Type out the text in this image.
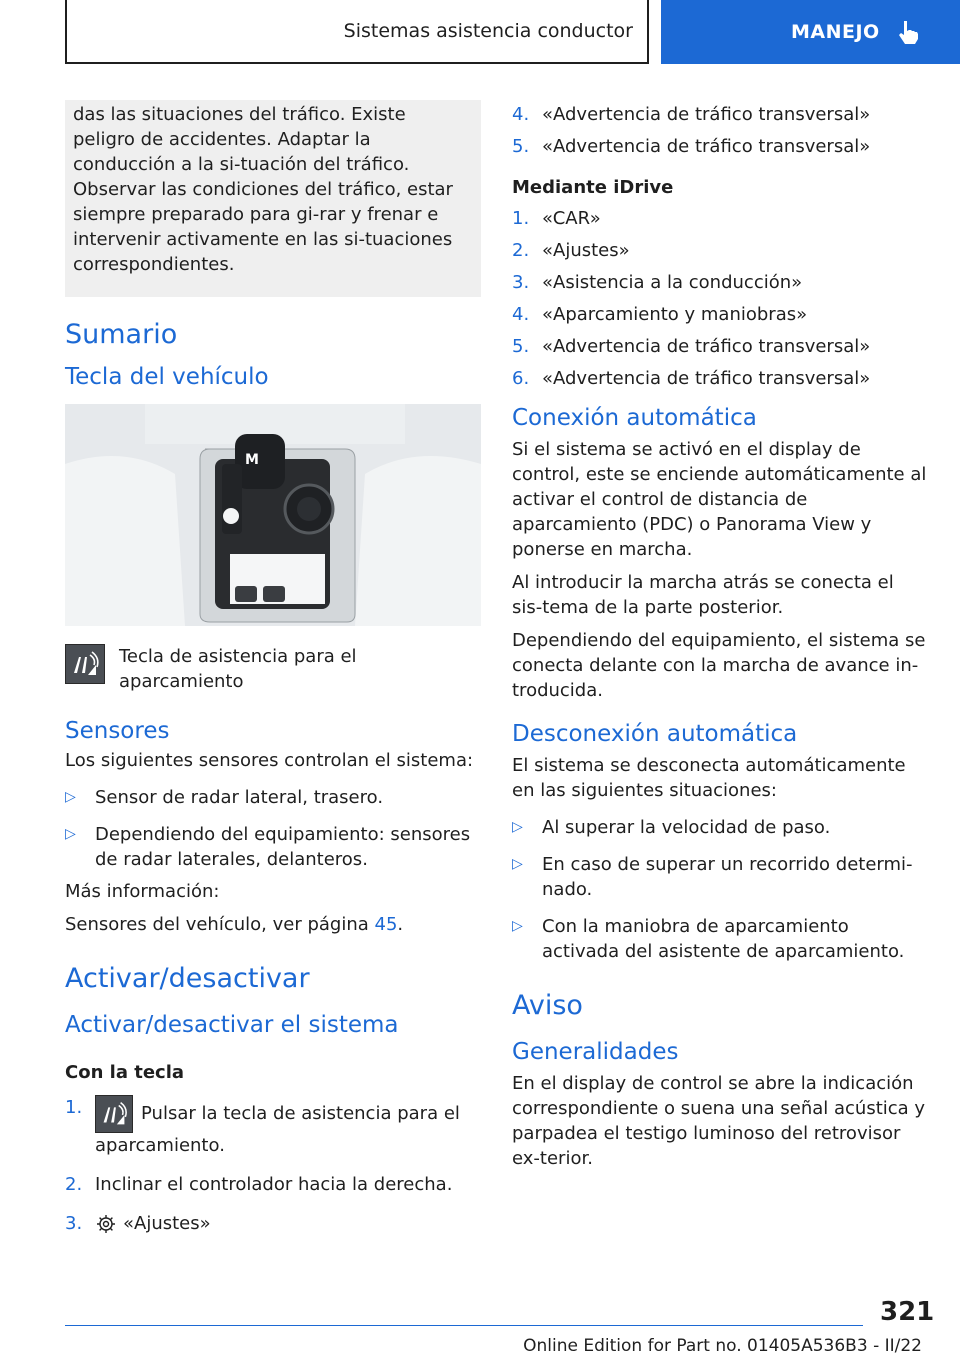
Sistemas asistencia conductor	MANEJO
das las situaciones del tráfico. Existe peligro de accidentes. Adaptar la conducción a la si-tuación del tráfico. Observar las condiciones del tráfico, estar siempre preparado para gi-rar y frenar e intervenir activamente en las si-tuaciones correspondientes.
Sumario
Tecla del vehículo
M
Tecla de asistencia para el aparcamiento
Sensores

Los siguientes sensores controlan el sistema:

▷ Sensor de radar lateral, trasero.
▷ Dependiendo del equipamiento: sensores de radar laterales, delanteros.

Más información:

Sensores del vehículo, ver página 45.

Activar/desactivar
Activar/desactivar el sistema
Con la tecla
1.	Pulsar la tecla de asistencia para el aparcamiento.
2. Inclinar el controlador hacia la derecha.
3. «Ajustes»
4. «Advertencia de tráfico transversal»
5. «Advertencia de tráfico transversal»
Mediante iDrive
1. «CAR»
2. «Ajustes»
3. «Asistencia a la conducción»
4. «Aparcamiento y maniobras»
5. «Advertencia de tráfico transversal»
6. «Advertencia de tráfico transversal»
Conexión automática

Si el sistema se activó en el display de control, este se enciende automáticamente al activar el control de distancia de aparcamiento (PDC) o Panorama View y ponerse en marcha.

Al introducir la marcha atrás se conecta el sis-tema de la parte posterior.

Dependiendo del equipamiento, el sistema se conecta delante con la marcha de avance in-troducida.

Desconexión automática

El sistema se desconecta automáticamente en las siguientes situaciones:

▷ Al superar la velocidad de paso.
▷ En caso de superar un recorrido determi-nado.
▷ Con la maniobra de aparcamiento activada del asistente de aparcamiento.
Aviso
Generalidades

En el display de control se abre la indicación correspondiente o suena una señal acústica y parpadea el testigo luminoso del retrovisor ex-terior.

321
Online Edition for Part no. 01405A536B3 - II/22
